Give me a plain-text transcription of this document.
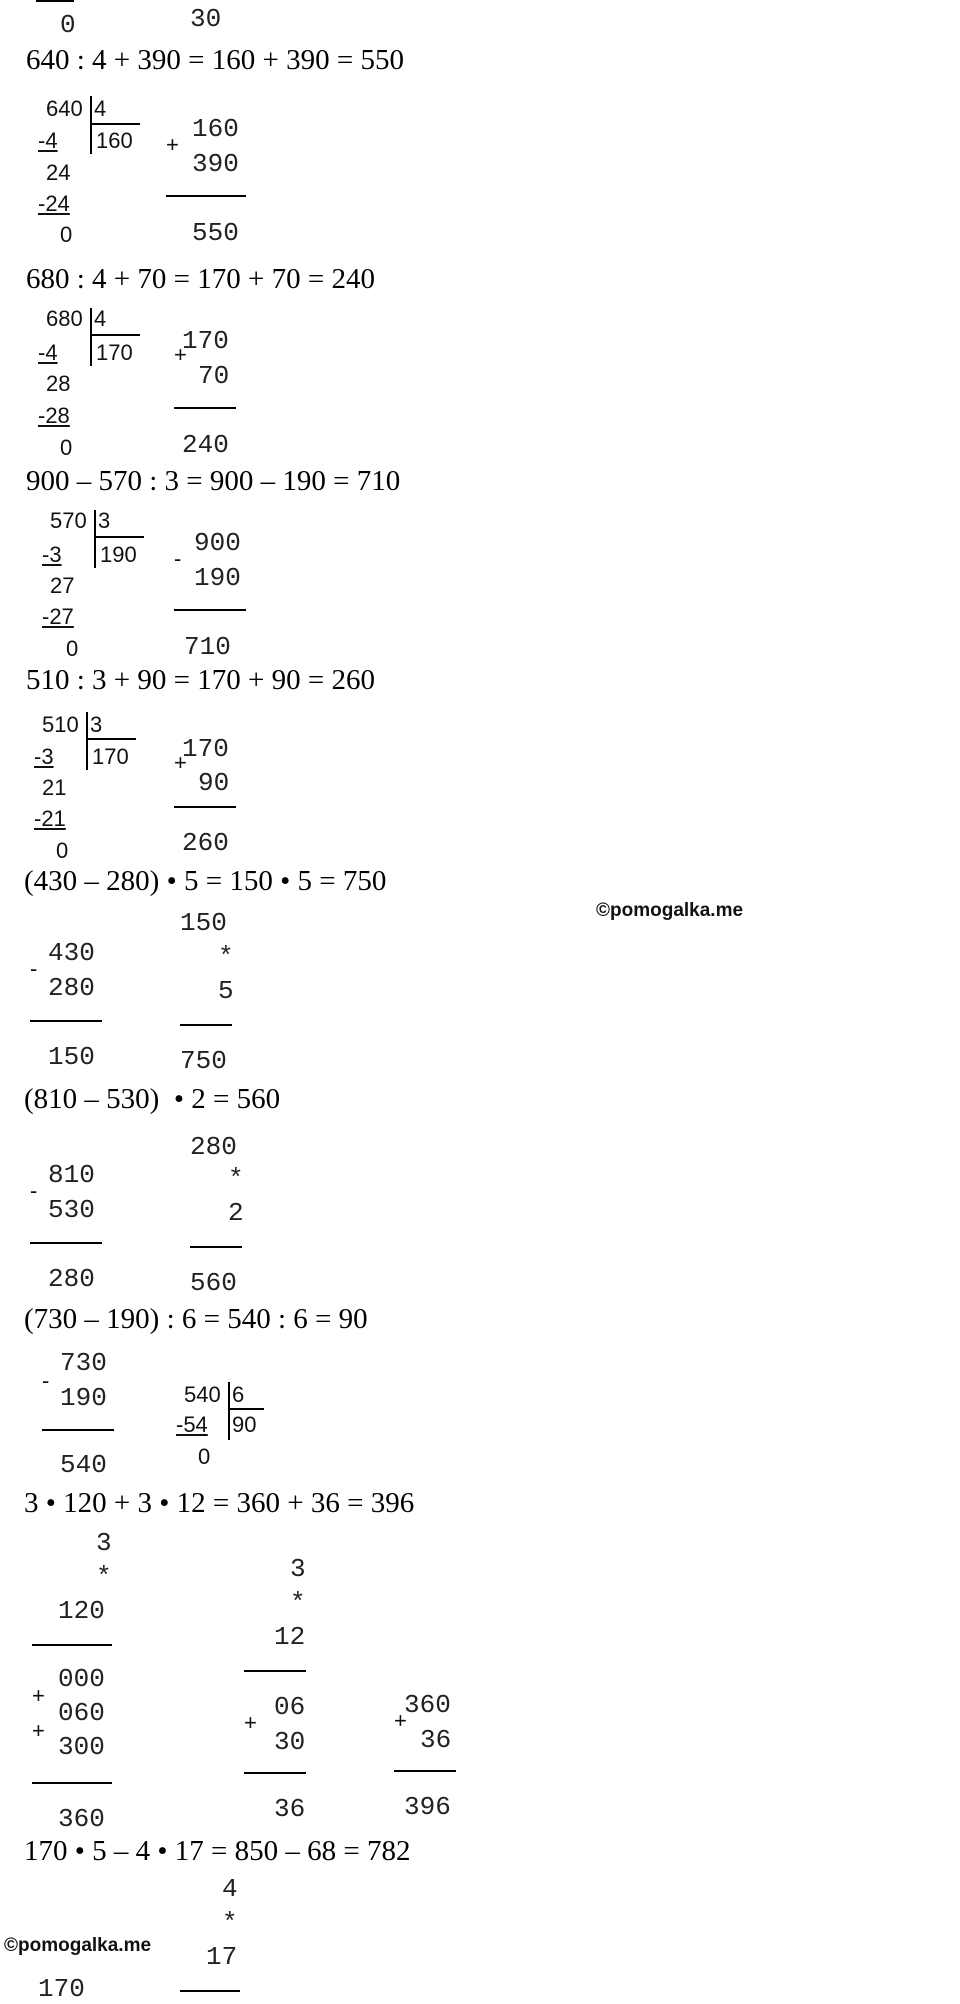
0	30
640 : 4 + 390 = 160 + 390 = 550
640 4
160
-4
24
-24
0
+
160
390
550
680 : 4 + 70 = 170 + 70 = 240
680 4
170
-4
28
-28
0
+
170
70
240
900 – 570 : 3 = 900 – 190 = 710
570 3
190
-3
27
-27
0
-
900
190
710
510 : 3 + 90 = 170 + 90 = 260
510 3
170
-3
21
-21
0
+
170
90
260
(430 – 280) • 5 = 150 • 5 = 750
©pomogalka.me
-
430
280
150
150
*
5
750
(810 – 530)  • 2 = 560
-
810
530
280
280
*
2
560
(730 – 190) : 6 = 540 : 6 = 90
-
730
190
540
540 6
90
-54
0
3 • 120 + 3 • 12 = 360 + 36 = 396
3
*
120
000
+
060
+
300
360
3
*
12
+
06
30
36
+
360
36
396
170 • 5 – 4 • 17 = 850 – 68 = 782
4
*
17
170
©pomogalka.me
